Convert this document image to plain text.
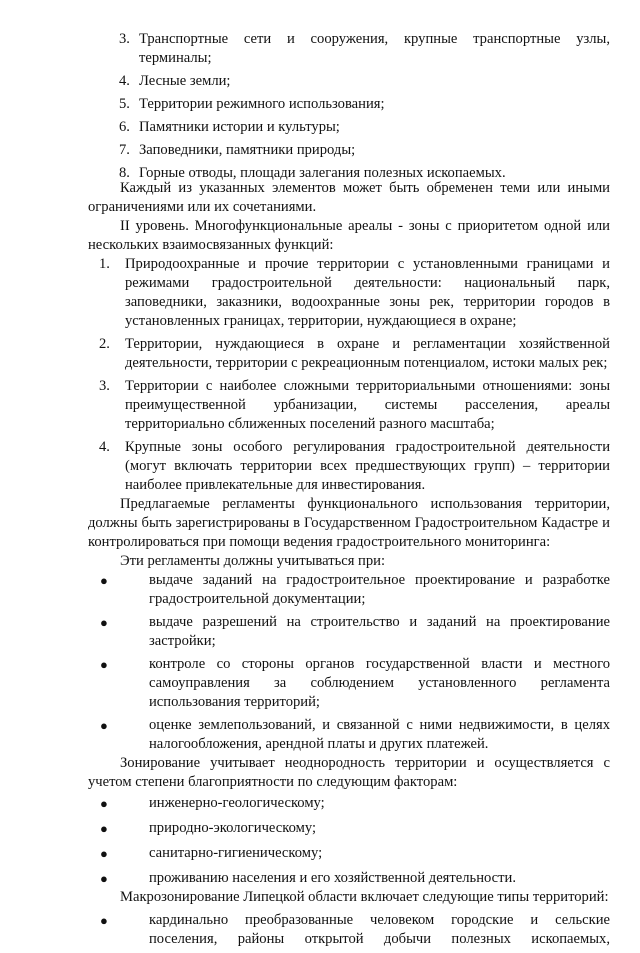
3. Транспортные сети и сооружения, крупные транспортные узлы, терминалы;
4. Лесные земли;
5. Территории режимного использования;
6. Памятники истории и культуры;
7. Заповедники, памятники природы;
8. Горные отводы, площади залегания полезных ископаемых.

Каждый из указанных элементов может быть обременен теми или иными ограничениями или их сочетаниями.

II уровень. Многофункциональные ареалы - зоны с приоритетом одной или нескольких взаимосвязанных функций:

1. Природоохранные и прочие территории с установленными границами и режимами градостроительной деятельности: национальный парк, заповедники, заказники, водоохранные зоны рек, территории городов в установленных границах, территории, нуждающиеся в охране;
2. Территории, нуждающиеся в охране и регламентации хозяйственной деятельности, территории с рекреационным потенциалом, истоки малых рек;
3. Территории с наиболее сложными территориальными отношениями: зоны преимущественной урбанизации, системы расселения, ареалы территориально сближенных поселений разного масштаба;
4. Крупные зоны особого регулирования градостроительной деятельности (могут включать территории всех предшествующих групп) – территории наиболее привлекательные для инвестирования.

Предлагаемые регламенты функционального использования территории, должны быть зарегистрированы в Государственном Градостроительном Кадастре и контролироваться при помощи ведения градостроительного мониторинга:

Эти регламенты должны учитываться при:

●	выдаче заданий на градостроительное проектирование и разработке градостроительной документации;
●	выдаче разрешений на строительство и заданий на проектирование застройки;
●	контроле со стороны органов государственной власти и местного самоуправления за соблюдением установленного регламента использования территорий;
●	оценке землепользований, и связанной с ними недвижимости, в целях налогообложения, арендной платы и других платежей.

Зонирование учитывает неоднородность территории и осуществляется с учетом степени благоприятности по следующим факторам:

●	инженерно-геологическому;
●	природно-экологическому;
●	санитарно-гигиеническому;
●	проживанию населения и его хозяйственной деятельности.

Макрозонирование Липецкой области включает следующие типы территорий:

●	кардинально преобразованные человеком городские и сельские поселения, районы открытой добычи полезных ископаемых,
